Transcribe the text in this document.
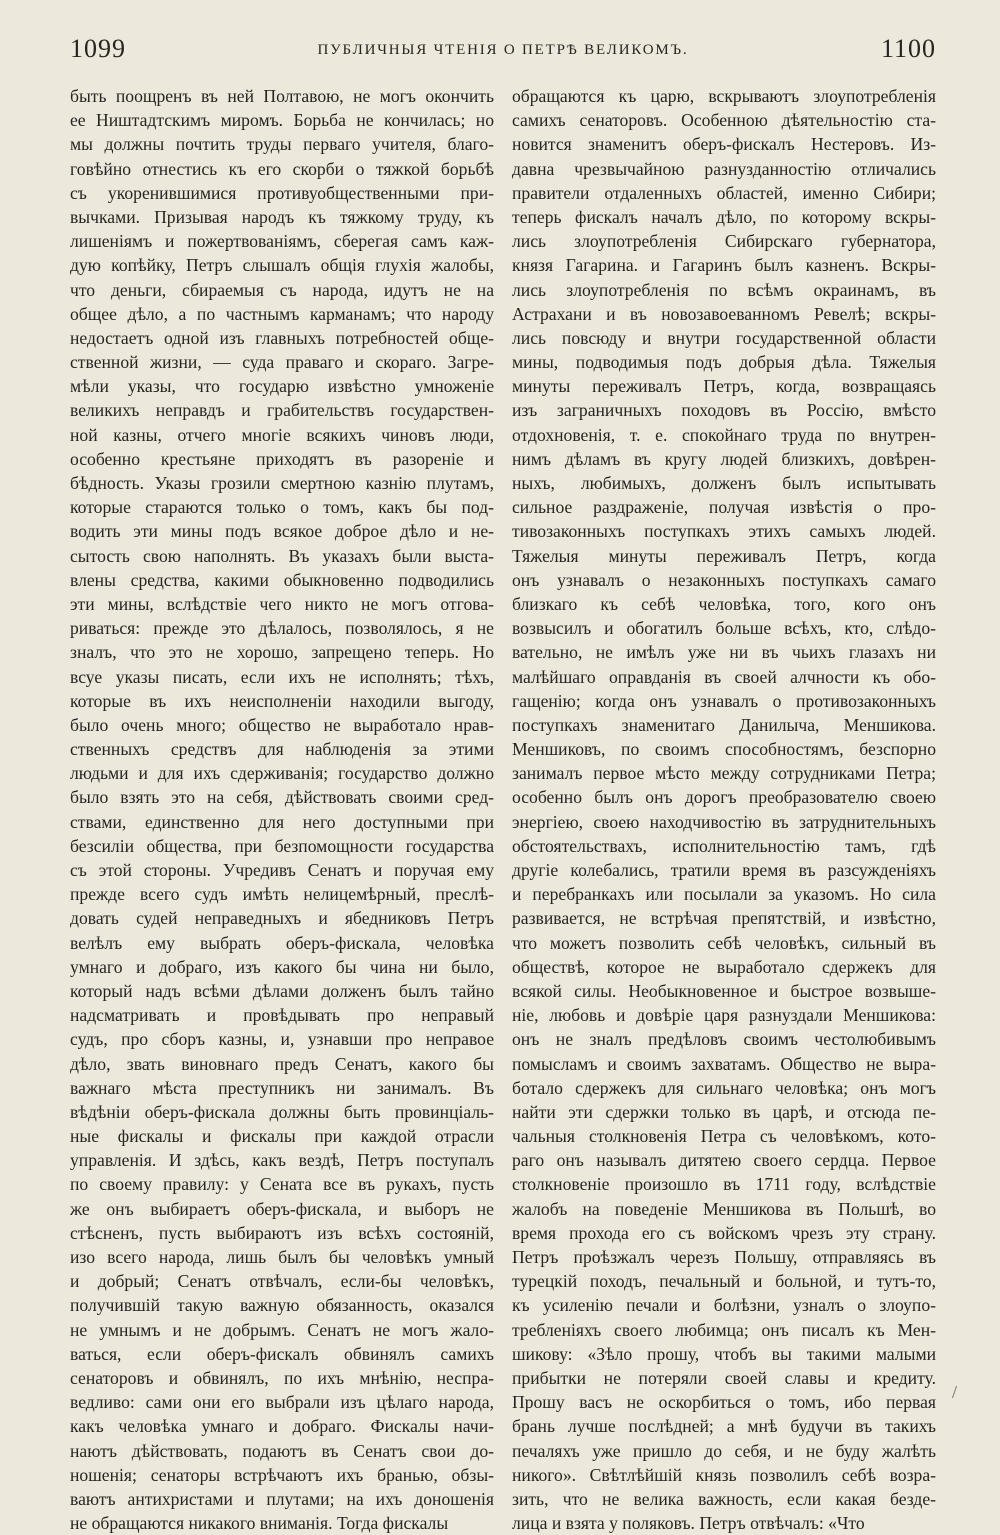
1099	ПУБЛИЧНЫЯ ЧТЕНІЯ О ПЕТРѢ ВЕЛИКОМЪ.	1100
быть поощренъ въ ней Полтавою, не могъ окончить
ее Ништадтскимъ миромъ. Борьба не кончилась; но
мы должны почтить труды перваго учителя, благо-
говѣйно отнестись къ его скорби о тяжкой борьбѣ
съ укоренившимися противуобщественными при-
вычками. Призывая народъ къ тяжкому труду, къ
лишеніямъ и пожертвованіямъ, сберегая самъ каж-
дую копѣйку, Петръ слышалъ общія глухія жалобы,
что деньги, сбираемыя съ народа, идутъ не на
общее дѣло, а по частнымъ карманамъ; что народу
недостаетъ одной изъ главныхъ потребностей обще-
ственной жизни, — суда праваго и скораго. Загре-
мѣли указы, что государю извѣстно умноженіе
великихъ неправдъ и грабительствъ государствен-
ной казны, отчего многіе всякихъ чиновъ люди,
особенно крестьяне приходятъ въ разореніе и
бѣдность. Указы грозили смертною казнію плутамъ,
которые стараются только о томъ, какъ бы под-
водить эти мины подъ всякое доброе дѣло и не-
сытость свою наполнять. Въ указахъ были выста-
влены средства, какими обыкновенно подводились
эти мины, вслѣдствіе чего никто не могъ отгова-
риваться: прежде это дѣлалось, позволялось, я не
зналъ, что это не хорошо, запрещено теперь. Но
всуе указы писать, если ихъ не исполнять; тѣхъ,
которые въ ихъ неисполненіи находили выгоду,
было очень много; общество не выработало нрав-
ственныхъ средствъ для наблюденія за этими
людьми и для ихъ сдерживанія; государство должно
было взять это на себя, дѣйствовать своими сред-
ствами, единственно для него доступными при
безсиліи общества, при безпомощности государства
съ этой стороны. Учредивъ Сенатъ и поручая ему
прежде всего судъ имѣть нелицемѣрный, преслѣ-
довать судей неправедныхъ и ябедниковъ Петръ
велѣлъ ему выбрать оберъ-фискала, человѣка
умнаго и добраго, изъ какого бы чина ни было,
который надъ всѣми дѣлами долженъ былъ тайно
надсматривать и провѣдывать про неправый
судъ, про сборъ казны, и, узнавши про неправое
дѣло, звать виновнаго предъ Сенатъ, какого бы
важнаго мѣста преступникъ ни занималъ. Въ
вѣдѣніи оберъ-фискала должны быть провинціаль-
ные фискалы и фискалы при каждой отрасли
управленія. И здѣсь, какъ вездѣ, Петръ поступалъ
по своему правилу: у Сената все въ рукахъ, пусть
же онъ выбираетъ оберъ-фискала, и выборъ не
стѣсненъ, пусть выбираютъ изъ всѣхъ состояній,
изо всего народа, лишь былъ бы человѣкъ умный
и добрый; Сенатъ отвѣчалъ, если-бы человѣкъ,
получившій такую важную обязанность, оказался
не умнымъ и не добрымъ. Сенатъ не могъ жало-
ваться, если оберъ-фискалъ обвинялъ самихъ
сенаторовъ и обвинялъ, по ихъ мнѣнію, неспра-
ведливо: сами они его выбрали изъ цѣлаго народа,
какъ человѣка умнаго и добраго. Фискалы начи-
наютъ дѣйствовать, подаютъ въ Сенатъ свои до-
ношенія; сенаторы встрѣчаютъ ихъ бранью, обзы-
ваютъ антихристами и плутами; на ихъ доношенія
не обращаются никакого вниманія. Тогда фискалы
обращаются къ царю, вскрываютъ злоупотребленія
самихъ сенаторовъ. Особенною дѣятельностію ста-
новится знаменитъ оберъ-фискалъ Нестеровъ. Из-
давна чрезвычайною разнузданностію отличались
правители отдаленныхъ областей, именно Сибири;
теперь фискалъ началъ дѣло, по которому вскры-
лись злоупотребленія Сибирскаго губернатора,
князя Гагарина. и Гагаринъ былъ казненъ. Вскры-
лись злоупотребленія по всѣмъ окраинамъ, въ
Астрахани и въ новозавоеванномъ Ревелѣ; вскры-
лись повсюду и внутри государственной области
мины, подводимыя подъ добрыя дѣла. Тяжелыя
минуты переживалъ Петръ, когда, возвращаясь
изъ заграничныхъ походовъ въ Россію, вмѣсто
отдохновенія, т. е. спокойнаго труда по внутрен-
нимъ дѣламъ въ кругу людей близкихъ, довѣрен-
ныхъ, любимыхъ, долженъ былъ испытывать
сильное раздраженіе, получая извѣстія о про-
тивозаконныхъ поступкахъ этихъ самыхъ людей.
Тяжелыя минуты переживалъ Петръ, когда
онъ узнавалъ о незаконныхъ поступкахъ самаго
близкаго къ себѣ человѣка, того, кого онъ
возвысилъ и обогатилъ больше всѣхъ, кто, слѣдо-
вательно, не имѣлъ уже ни въ чьихъ глазахъ ни
малѣйшаго оправданія въ своей алчности къ обо-
гащенію; когда онъ узнавалъ о противозаконныхъ
поступкахъ знаменитаго Данилыча, Меншикова.
Меншиковъ, по своимъ способностямъ, безспорно
занималъ первое мѣсто между сотрудниками Петра;
особенно былъ онъ дорогъ преобразователю своею
энергіею, своею находчивостію въ затруднительныхъ
обстоятельствахъ, исполнительностію тамъ, гдѣ
другіе колебались, тратили время въ разсужденіяхъ
и перебранкахъ или посылали за указомъ. Но сила
развивается, не встрѣчая препятствій, и извѣстно,
что можетъ позволить себѣ человѣкъ, сильный въ
обществѣ, которое не выработало сдержекъ для
всякой силы. Необыкновенное и быстрое возвыше-
ніе, любовь и довѣріе царя разнуздали Меншикова:
онъ не зналъ предѣловъ своимъ честолюбивымъ
помысламъ и своимъ захватамъ. Общество не выра-
ботало сдержекъ для сильнаго человѣка; онъ могъ
найти эти сдержки только въ царѣ, и отсюда пе-
чальныя столкновенія Петра съ человѣкомъ, кото-
раго онъ называлъ дитятею своего сердца. Первое
столкновеніе произошло въ 1711 году, вслѣдствіе
жалобъ на поведеніе Меншикова въ Польшѣ, во
время прохода его съ войскомъ чрезъ эту страну.
Петръ проѣзжалъ черезъ Польшу, отправляясь въ
турецкій походъ, печальный и больной, и тутъ-то,
къ усиленію печали и болѣзни, узналъ о злоупо-
требленіяхъ своего любимца; онъ писалъ къ Мен-
шикову: «Зѣло прошу, чтобъ вы такими малыми
прибытки не потеряли своей славы и кредиту.
Прошу васъ не оскорбиться о томъ, ибо первая
брань лучше послѣдней; а мнѣ будучи въ такихъ
печаляхъ уже пришло до себя, и не буду жалѣть
никого». Свѣтлѣйшій князь позволилъ себѣ возра-
зить, что не велика важность, если какая безде-
лица и взята у поляковъ. Петръ отвѣчалъ: «Что
/
